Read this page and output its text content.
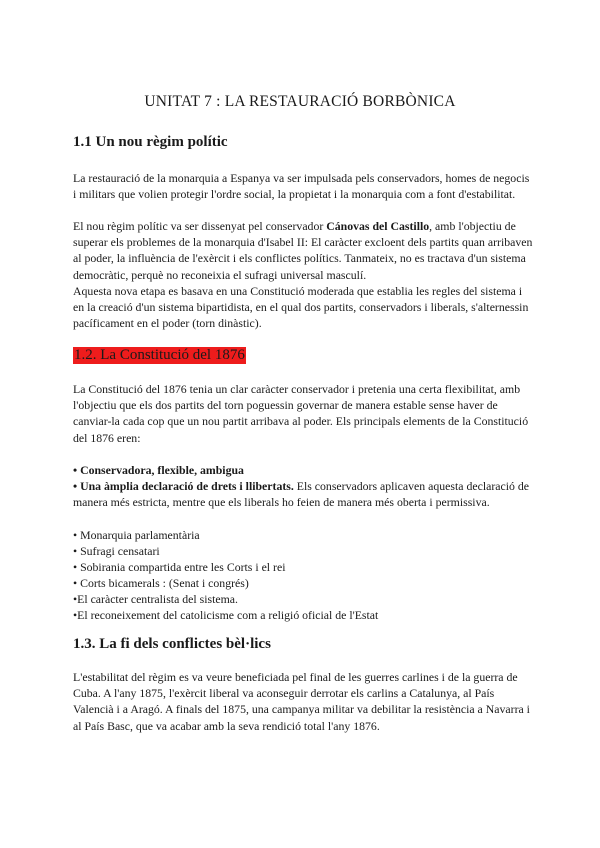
UNITAT 7 : LA RESTAURACIÓ BORBÒNICA
1.1 Un nou règim polític

La restauració de la monarquia a Espanya va ser impulsada pels conservadors, homes de negocis i militars que volien protegir l'ordre social, la propietat i la monarquia com a font d'estabilitat.

El nou règim polític va ser dissenyat pel conservador Cánovas del Castillo, amb l'objectiu de superar els problemes de la monarquia d'Isabel II: El caràcter excloent dels partits quan arribaven al poder, la influència de l'exèrcit i els conflictes polítics. Tanmateix, no es tractava d'un sistema democràtic, perquè no reconeixia el sufragi universal masculí.

Aquesta nova etapa es basava en una Constitució moderada que establia les regles del sistema i en la creació d'un sistema bipartidista, en el qual dos partits, conservadors i liberals, s'alternessin pacíficament en el poder (torn dinàstic).

1.2. La Constitució del 1876

La Constitució del 1876 tenia un clar caràcter conservador i pretenia una certa flexibilitat, amb l'objectiu que els dos partits del torn poguessin governar de manera estable sense haver de canviar-la cada cop que un nou partit arribava al poder. Els principals elements de la Constitució del 1876 eren:

• Conservadora, flexible, ambigua

• Una àmplia declaració de drets i llibertats. Els conservadors aplicaven aquesta declaració de manera més estricta, mentre que els liberals ho feien de manera més oberta i permissiva.

• Monarquia parlamentària
• Sufragi censatari
• Sobirania compartida entre les Corts i el rei
• Corts bicamerals : (Senat i congrés)
•El caràcter centralista del sistema.
•El reconeixement del catolicisme com a religió oficial de l'Estat
1.3. La fi dels conflictes bèl·lics

L'estabilitat del règim es va veure beneficiada pel final de les guerres carlines i de la guerra de Cuba. A l'any 1875, l'exèrcit liberal va aconseguir derrotar els carlins a Catalunya, al País Valencià i a Aragó. A finals del 1875, una campanya militar va debilitar la resistència a Navarra i al País Basc, que va acabar amb la seva rendició total l'any 1876.
